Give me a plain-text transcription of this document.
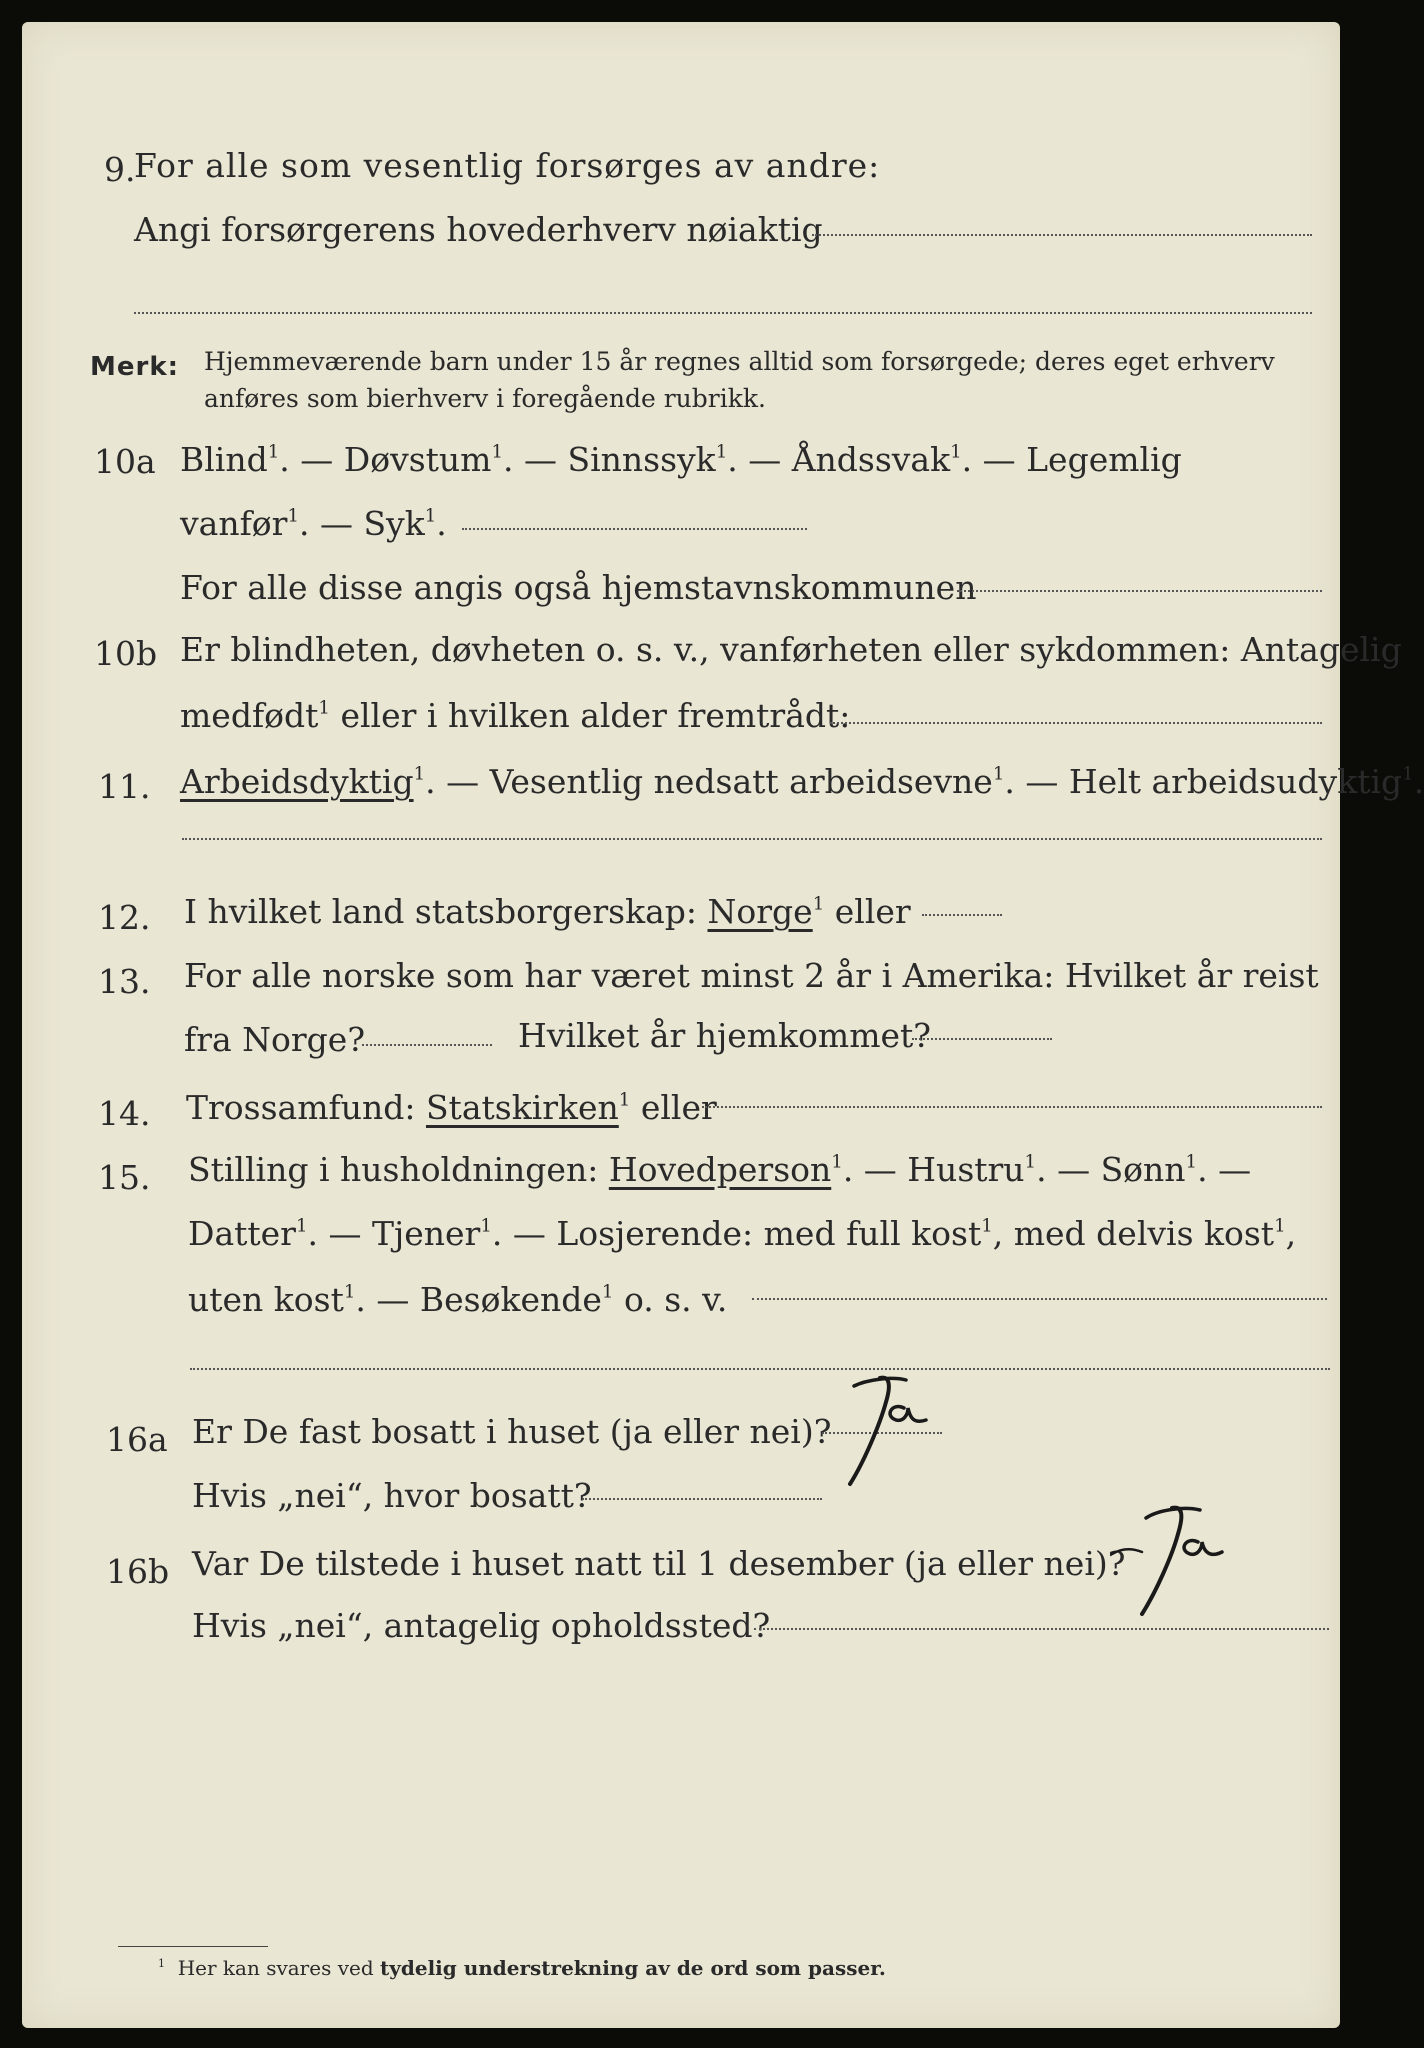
9.
For alle som vesentlig forsørges av andre:
Angi forsørgerens hovederhverv nøiaktig
Merk: Hjemmeværende barn under 15 år regnes alltid som forsørgede; deres eget erhverv
anføres som bierhverv i foregående rubrikk.
10a Blind$^1$. — Døvstum$^1$. — Sinnssyk$^1$. — Åndssvak$^1$. — Legemlig
vanfør$^1$. — Syk$^1$.
For alle disse angis også hjemstavnskommunen
10b Er blindheten, døvheten o. s. v., vanførheten eller sykdommen: Antagelig
medfødt$^1$ eller i hvilken alder fremtrådt:
11. Arbeidsdyktig$^1$. — Vesentlig nedsatt arbeidsevne$^1$. — Helt arbeidsudyktig$^1$.
12. I hvilket land statsborgerskap: Norge$^1$ eller
13. For alle norske som har været minst 2 år i Amerika: Hvilket år reist
fra Norge?	Hvilket år hjemkommet?
14. Trossamfund: Statskirken$^1$ eller
15. Stilling i husholdningen: Hovedperson$^1$. — Hustru$^1$. — Sønn$^1$. —
Datter$^1$. — Tjener$^1$. — Losjerende: med full kost$^1$, med delvis kost$^1$,
uten kost$^1$. — Besøkende$^1$ o. s. v.
16a Er De fast bosatt i huset (ja eller nei)?
Hvis „nei“, hvor bosatt?
16b Var De tilstede i huset natt til 1 desember (ja eller nei)?
Hvis „nei“, antagelig opholdssted?
$^1$ Her kan svares ved tydelig understrekning av de ord som passer.
